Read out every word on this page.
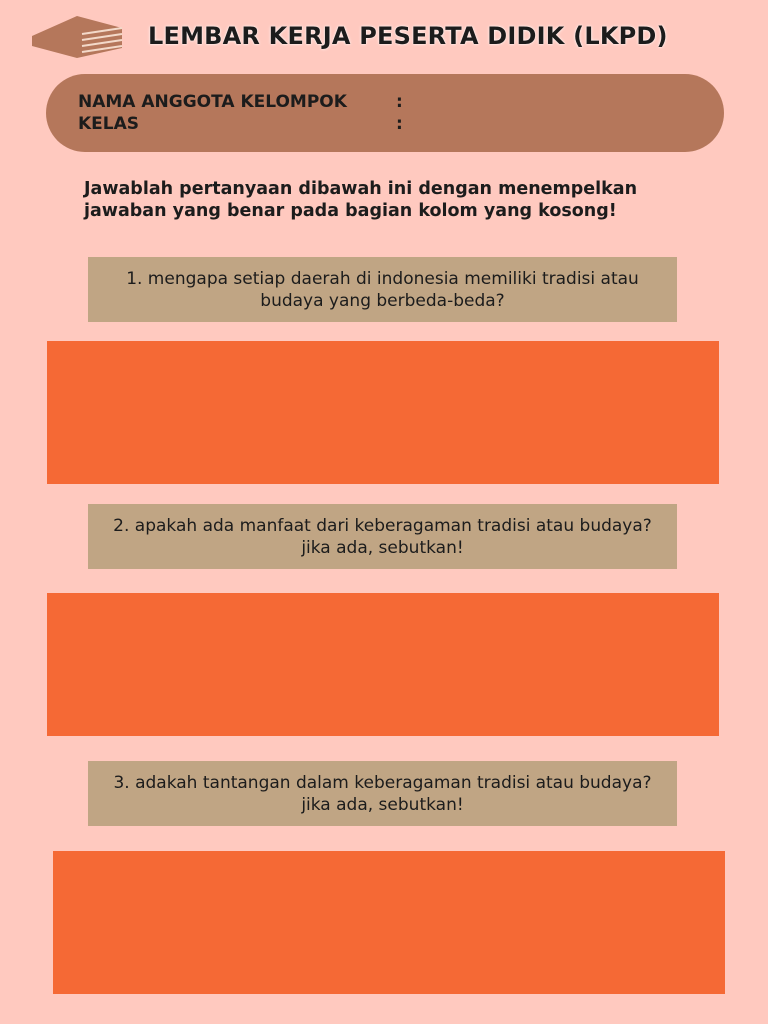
LEMBAR KERJA PESERTA DIDIK (LKPD)
NAMA ANGGOTA KELOMPOK	:
KELAS	:
Jawablah pertanyaan dibawah ini dengan menempelkan jawaban yang benar pada bagian kolom yang kosong!
1. mengapa setiap daerah di indonesia memiliki tradisi atau budaya yang berbeda-beda?
2. apakah ada manfaat dari keberagaman tradisi atau budaya? jika ada, sebutkan!
3. adakah tantangan dalam keberagaman tradisi atau budaya? jika ada, sebutkan!
